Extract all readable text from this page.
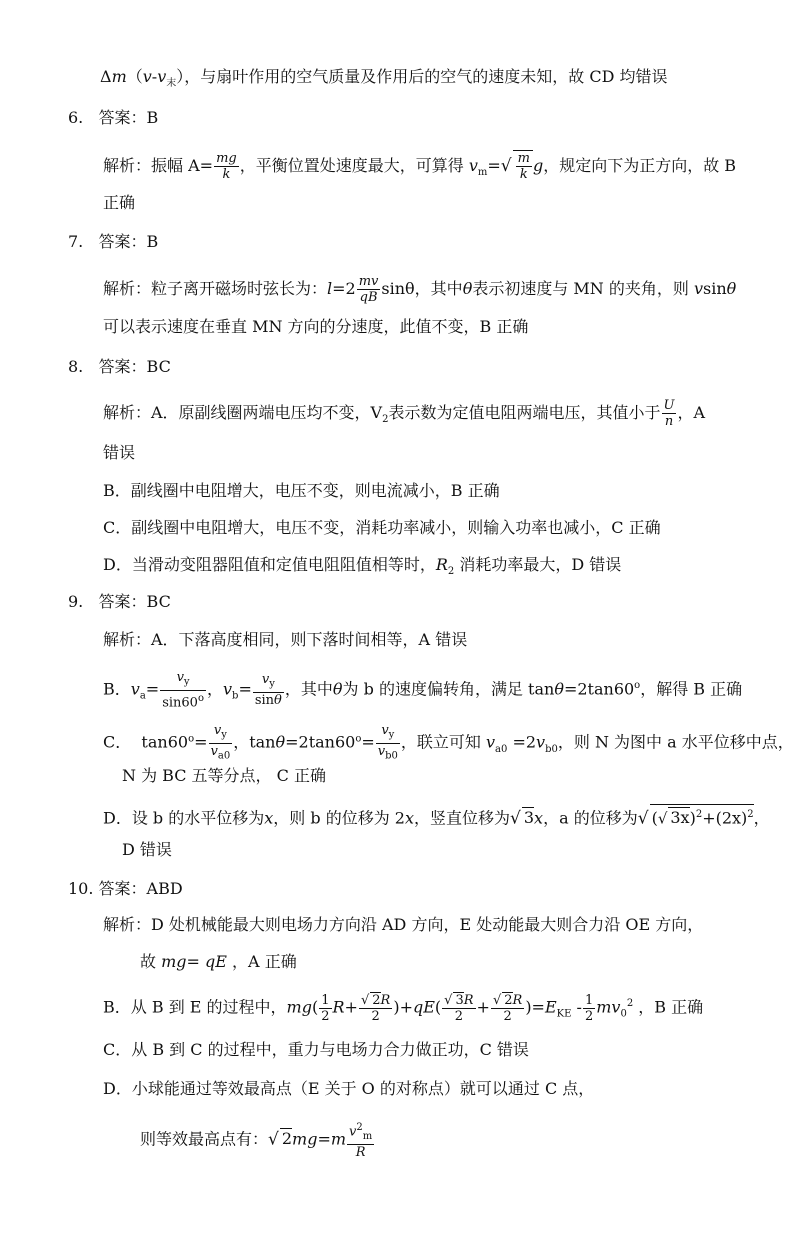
$\Delta m(v-v_末)$，与扇叶作用的空气质量及作用后的空气的速度未知，故 CD 均错误
6. 答案：B
解析：振幅 $A= \frac{mg}{k}$ ，平衡位置处速度最大，可算得 $v_m=√ \frac{m}{k}$ g，规定向下为正方向，故 B
正确
7. 答案：B
解析：粒子离开磁场时弦长为：$l=2 \frac{mv}{qB}$ sinθ，其中θ表示初速度与 MN 的夹角，则 vsinθ
可以表示速度在垂直 MN 方向的分速度，此值不变，B 正确
8. 答案：BC
解析：A．原副线圈两端电压均不变，$V_2$表示数为定值电阻两端电压，其值小于 $\frac{U}{n}$ ，A
错误
B．副线圈中电阻增大，电压不变，则电流减小，B 正确
C．副线圈中电阻增大，电压不变，消耗功率减小，则输入功率也减小，C 正确
D．当滑动变阻器阻值和定值电阻阻值相等时，$R_2$ 消耗功率最大，D 错误
9. 答案：BC
解析：A．下落高度相同，则下落时间相等，A 错误
B．$v_a= \frac{v_y}{\sin 60^o}$ ，$v_b= \frac{v_y}{\sin\theta}$ ，其中θ为 b 的速度偏转角，满足 $\tan\theta=2\tan 60^o$，解得 B 正确
C．  $\tan 60^o= \frac{v_y}{v_{a0}}$ ，$\tan\theta=2\tan 60^o= \frac{v_y}{v_{b0}}$ ，联立可知 $v_{a0} =2v_{b0}$，则 N 为图中 a 水平位移中点，
N 为 BC 五等分点， C 正确
D．设 b 的水平位移为x，则 b 的位移为 2x，竖直位移为√ 3x，a 的位移为√ (√ $3x)^2+(2x)^2$，
D 错误
10. 答案：ABD
解析：D 处机械能最大则电场力方向沿 AD 方向，E 处动能最大则合力沿 OE 方向，
故 mg= qE ，A 正确
B．从 B 到 E 的过程中，$mg( \frac{1}{2} R+ \frac{√ 2R}{2} )+qE( \frac{√ 3R}{2} + \frac{√ 2R}{2} )=E_{KE} - \frac{1}{2} mv_0^2$ ，B 正确
C．从 B 到 C 的过程中，重力与电场力合力做正功，C 错误
D．小球能通过等效最高点（E 关于 O 的对称点）就可以通过 C 点，
则等效最高点有：√ $2mg=m \frac{v^2_m}{R}$
